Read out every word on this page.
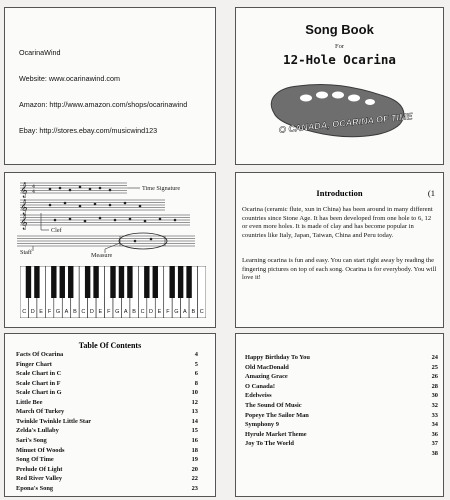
OcarinaWind
Website: www.ocarinawind.com
Amazon: http://www.amazon.com/shops/ocarinawind
Ebay: http://stores.ebay.com/musicwind123
Song Book
For
12-Hole Ocarina
O CANADA, OCARINA OF TIME
𝄞
𝄞
𝄞
4
4	Time Signature
Clef
Staff	Measure
C D E F G A B C D E F G A B C D E F G A B C
Introduction	(1
Ocarina (ceramic flute, xun in China) has been around in many different countries since Stone Age. It has been developed from one hole to 6, 12 or even more holes. It is made of clay and has become popular in countries like Italy, Japan, Taiwan, China and Peru today.
Learning ocarina is fun and easy. You can start right away by reading the fingering pictures on top of each song. Ocarina is for everybody. You will love it!
Table Of Contents
Facts Of Ocarina	4
Finger Chart	5
Scale Chart in C	6
Scale Chart in F	8
Scale Chart in G	10
Little Bee	12
March Of Turkey	13
Twinkle Twinkle Little Star	14
Zelda's Lullaby	15
Sari's Song	16
Minuet Of Woods	18
Song Of Time	19
Prelude Of Light	20
Red River Valley	22
Epona's Song	23
Happy Birthday To You	24
Old MacDonald	25
Amazing Grace	26
O Canada!	28
Edelweiss	30
The Sound Of Music	32
Popeye The Sailor Man	33
Symphony 9	34
Hyrule Market Theme	36
Joy To The World	37
38
